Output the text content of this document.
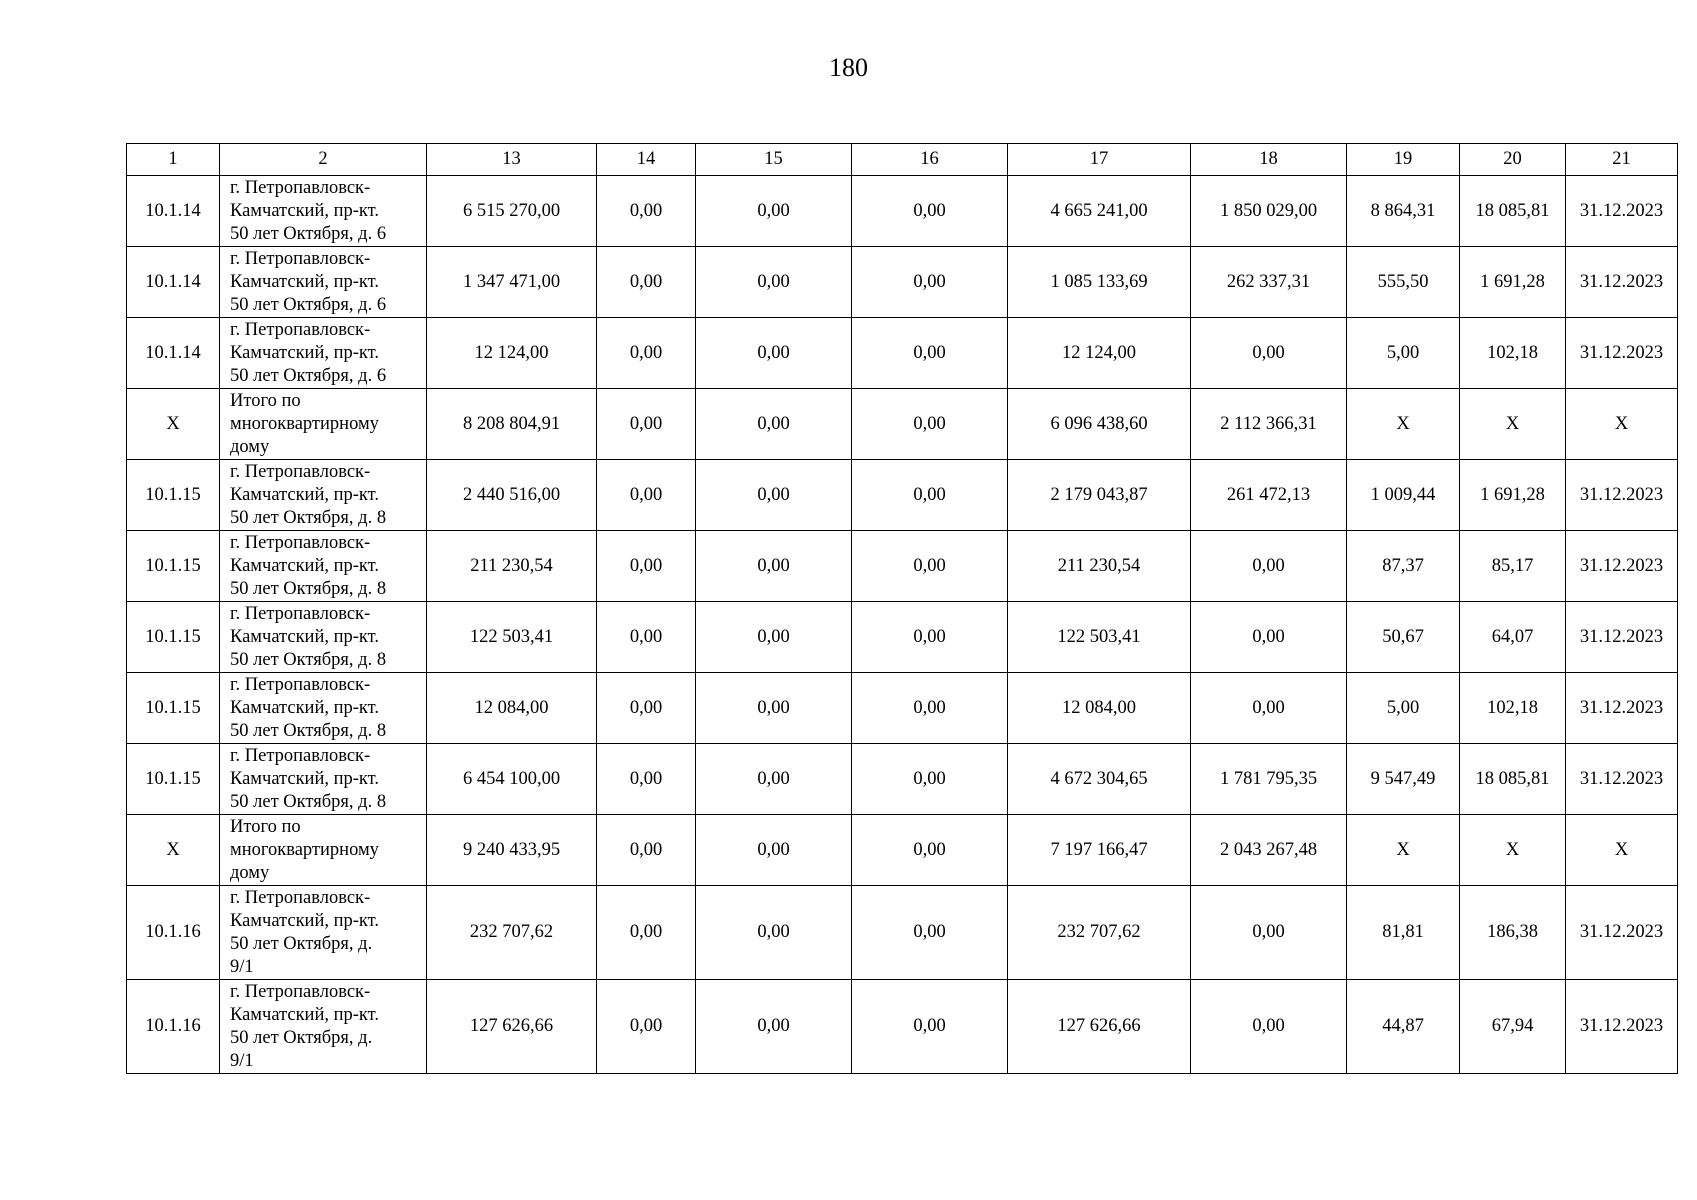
180
1	2	13	14	15	16	17	18	19	20	21
10.1.14	г. Петропавловск-
Камчатский, пр-кт.
50 лет Октября, д. 6	6 515 270,00	0,00	0,00	0,00	4 665 241,00	1 850 029,00	8 864,31	18 085,81	31.12.2023
10.1.14	г. Петропавловск-
Камчатский, пр-кт.
50 лет Октября, д. 6	1 347 471,00	0,00	0,00	0,00	1 085 133,69	262 337,31	555,50	1 691,28	31.12.2023
10.1.14	г. Петропавловск-
Камчатский, пр-кт.
50 лет Октября, д. 6	12 124,00	0,00	0,00	0,00	12 124,00	0,00	5,00	102,18	31.12.2023
X	Итого по
многоквартирному
дому	8 208 804,91	0,00	0,00	0,00	6 096 438,60	2 112 366,31	X	X	X
10.1.15	г. Петропавловск-
Камчатский, пр-кт.
50 лет Октября, д. 8	2 440 516,00	0,00	0,00	0,00	2 179 043,87	261 472,13	1 009,44	1 691,28	31.12.2023
10.1.15	г. Петропавловск-
Камчатский, пр-кт.
50 лет Октября, д. 8	211 230,54	0,00	0,00	0,00	211 230,54	0,00	87,37	85,17	31.12.2023
10.1.15	г. Петропавловск-
Камчатский, пр-кт.
50 лет Октября, д. 8	122 503,41	0,00	0,00	0,00	122 503,41	0,00	50,67	64,07	31.12.2023
10.1.15	г. Петропавловск-
Камчатский, пр-кт.
50 лет Октября, д. 8	12 084,00	0,00	0,00	0,00	12 084,00	0,00	5,00	102,18	31.12.2023
10.1.15	г. Петропавловск-
Камчатский, пр-кт.
50 лет Октября, д. 8	6 454 100,00	0,00	0,00	0,00	4 672 304,65	1 781 795,35	9 547,49	18 085,81	31.12.2023
X	Итого по
многоквартирному
дому	9 240 433,95	0,00	0,00	0,00	7 197 166,47	2 043 267,48	X	X	X
10.1.16	г. Петропавловск-
Камчатский, пр-кт.
50 лет Октября, д.
9/1	232 707,62	0,00	0,00	0,00	232 707,62	0,00	81,81	186,38	31.12.2023
10.1.16	г. Петропавловск-
Камчатский, пр-кт.
50 лет Октября, д.
9/1	127 626,66	0,00	0,00	0,00	127 626,66	0,00	44,87	67,94	31.12.2023
